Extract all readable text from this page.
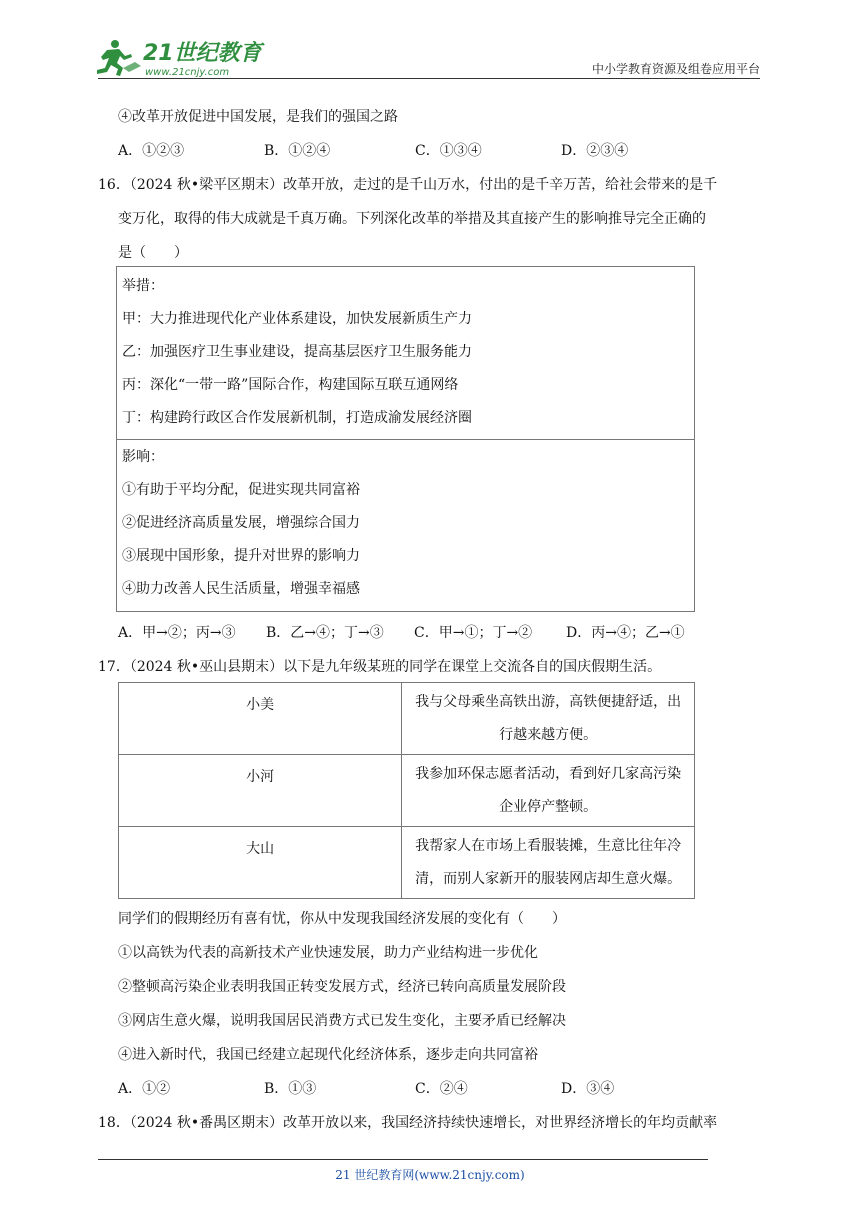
21世纪教育
www.21cnjy.com	中小学教育资源及组卷应用平台
④改革开放促进中国发展，是我们的强国之路
A．①②③	B．①②④	C．①③④	D．②③④
16．（2024 秋•梁平区期末）改革开放，走过的是千山万水，付出的是千辛万苦，给社会带来的是千
变万化，取得的伟大成就是千真万确。下列深化改革的举措及其直接产生的影响推导完全正确的
是（　　）
举措：
甲：大力推进现代化产业体系建设，加快发展新质生产力
乙：加强医疗卫生事业建设，提高基层医疗卫生服务能力
丙：深化“一带一路”国际合作，构建国际互联互通网络
丁：构建跨行政区合作发展新机制，打造成渝发展经济圈

影响：
①有助于平均分配，促进实现共同富裕
②促进经济高质量发展，增强综合国力
③展现中国形象，提升对世界的影响力
④助力改善人民生活质量，增强幸福感
A．甲→②；丙→③ B．乙→④；丁→③ C．甲→①；丁→② D．丙→④；乙→①
17．（2024 秋•巫山县期末）以下是九年级某班的同学在课堂上交流各自的国庆假期生活。
小美	我与父母乘坐高铁出游，高铁便捷舒适，出
行越来越方便。

小河	我参加环保志愿者活动，看到好几家高污染
企业停产整顿。

大山	我帮家人在市场上看服装摊，生意比往年冷
清，而别人家新开的服装网店却生意火爆。
同学们的假期经历有喜有忧，你从中发现我国经济发展的变化有（　　）
①以高铁为代表的高新技术产业快速发展，助力产业结构进一步优化
②整顿高污染企业表明我国正转变发展方式，经济已转向高质量发展阶段
③网店生意火爆，说明我国居民消费方式已发生变化，主要矛盾已经解决
④进入新时代，我国已经建立起现代化经济体系，逐步走向共同富裕
A．①②	B．①③	C．②④	D．③④
18．（2024 秋•番禺区期末）改革开放以来，我国经济持续快速增长，对世界经济增长的年均贡献率
21 世纪教育网(www.21cnjy.com)
